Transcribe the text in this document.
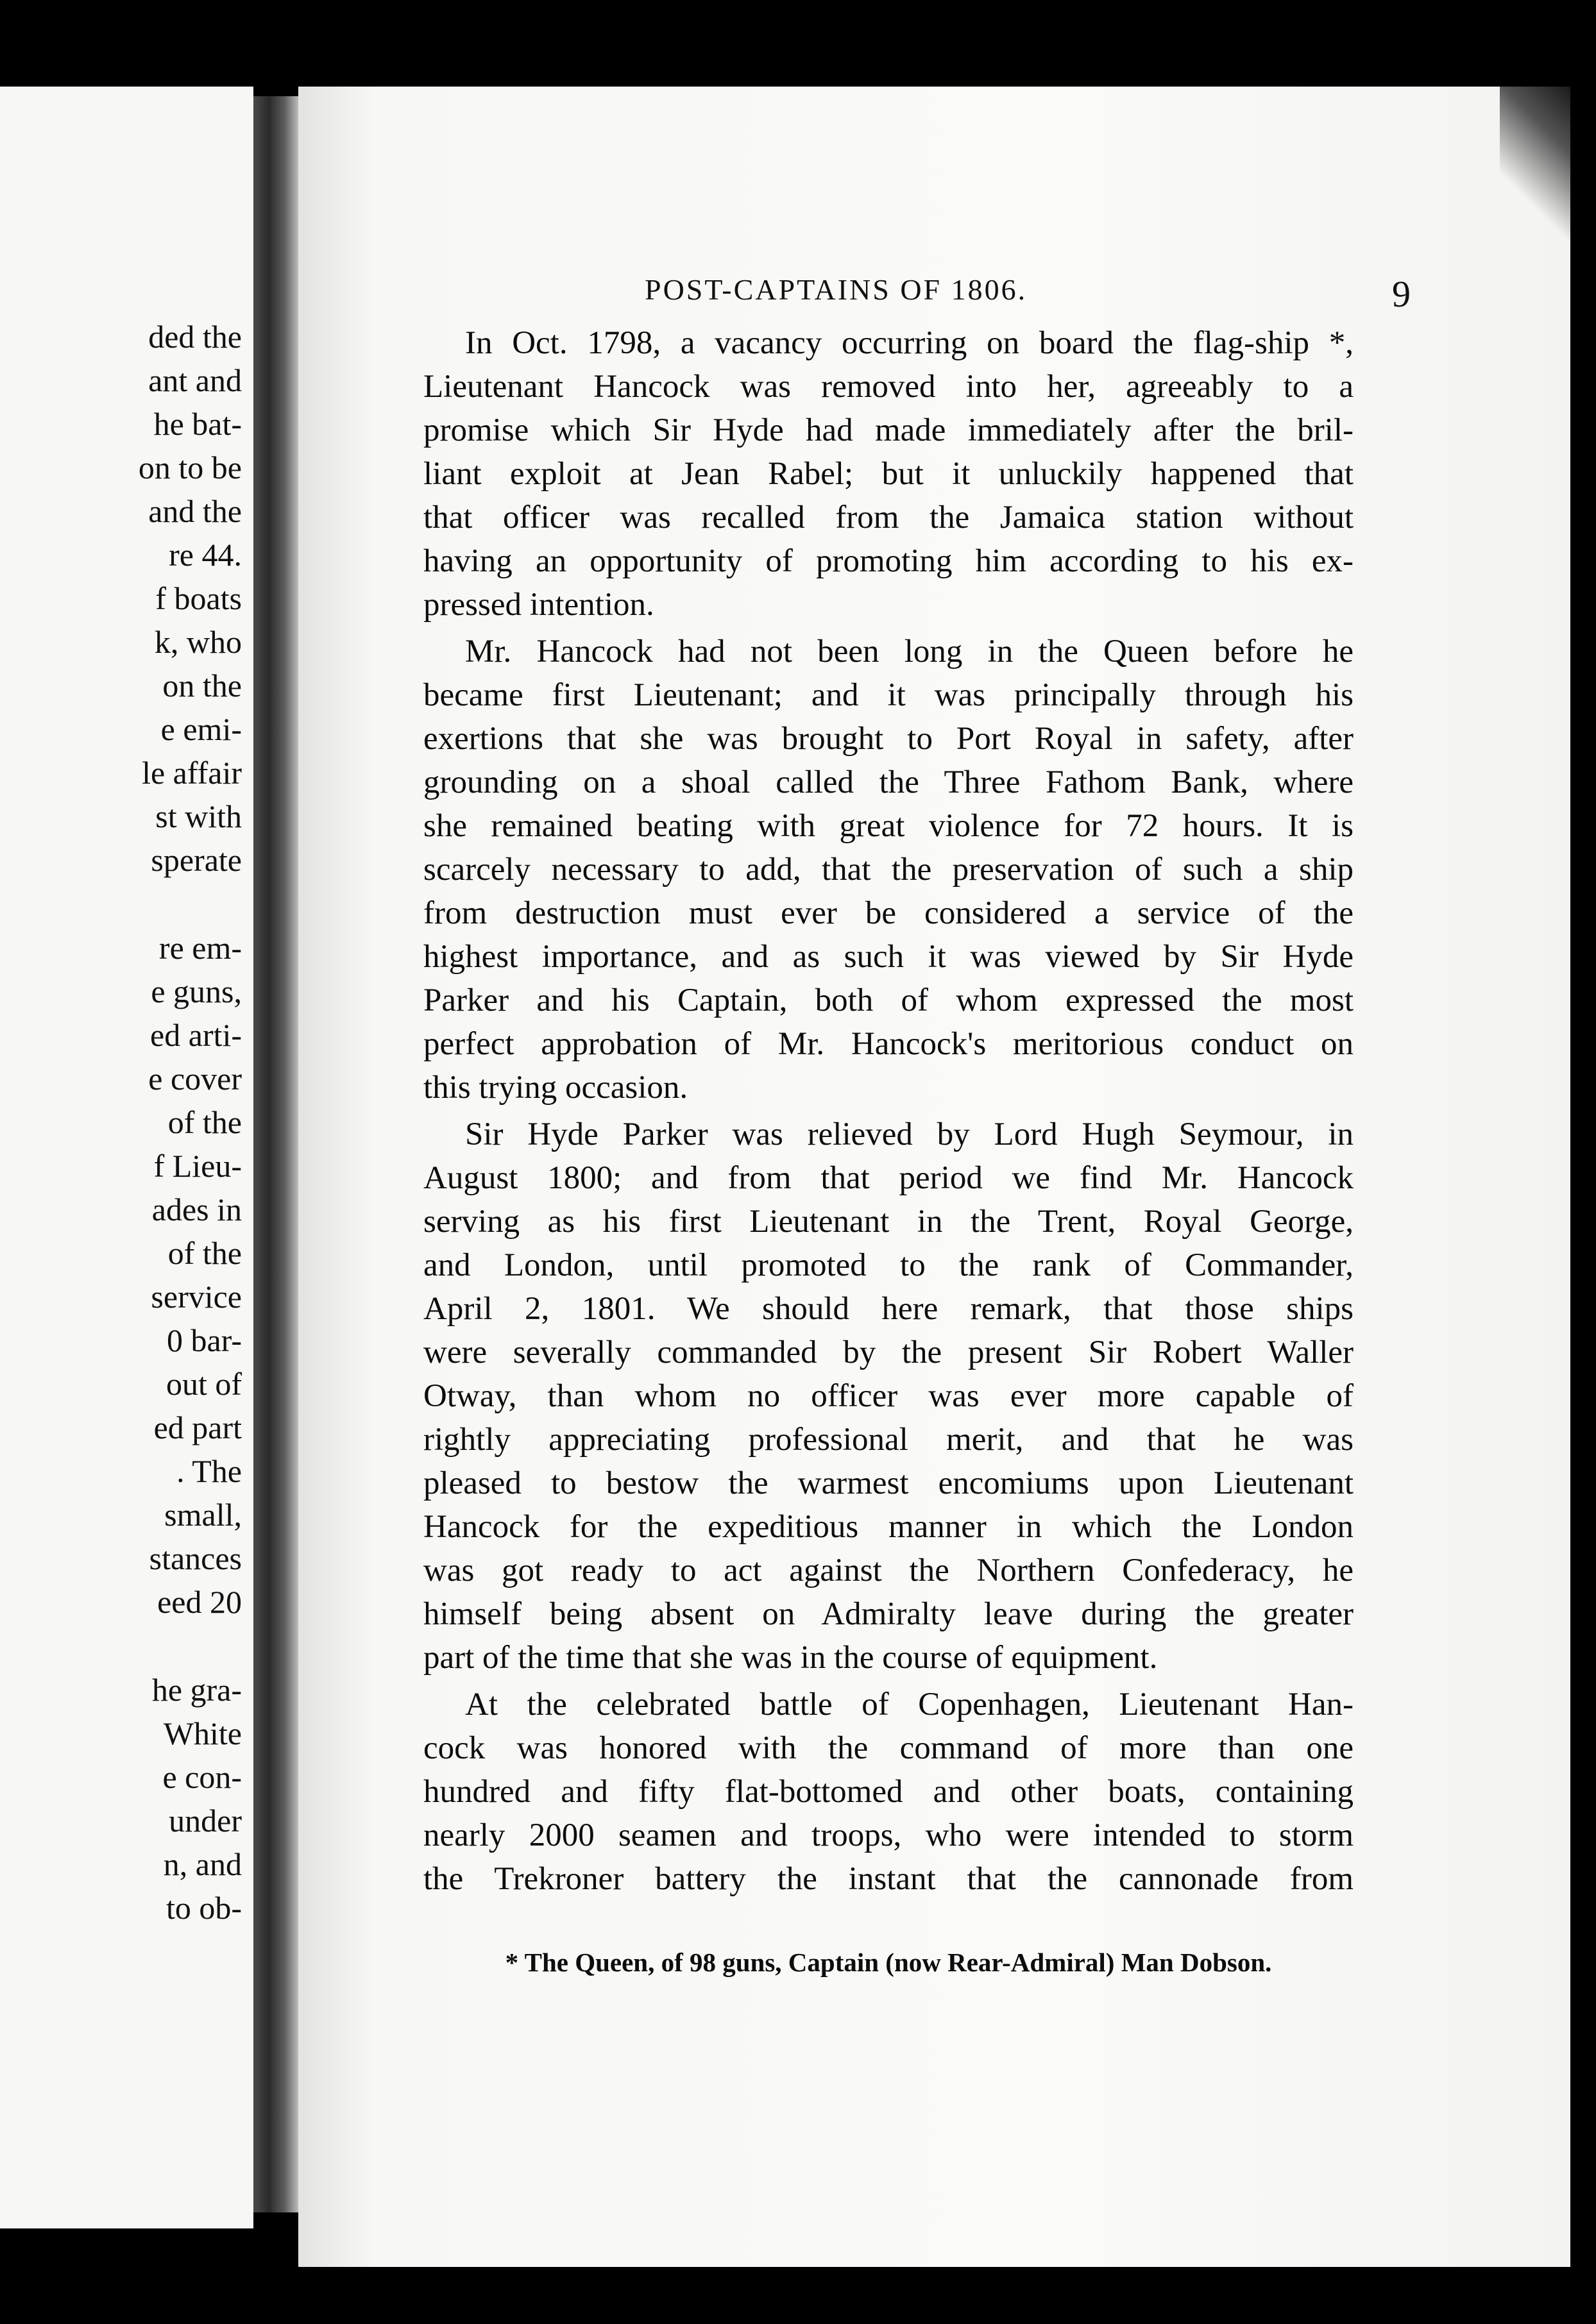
ded the
ant and
he bat-
on to be
and the
re 44.
f boats
k, who
on the
e emi-
le affair
st with
sperate
re em-
e guns,
ed arti-
e cover
of the
f Lieu-
ades in
of the
service
0 bar-
out of
ed part
. The
small,
stances
eed 20
he gra-
White
e con-
under
n, and
to ob-
POST-CAPTAINS OF 1806.	9
In Oct. 1798, a vacancy occurring on board the flag-ship *,
Lieutenant Hancock was removed into her, agreeably to a
promise which Sir Hyde had made immediately after the bril-
liant exploit at Jean Rabel; but it unluckily happened that
that officer was recalled from the Jamaica station without
having an opportunity of promoting him according to his ex-
pressed intention.
Mr. Hancock had not been long in the Queen before he
became first Lieutenant; and it was principally through his
exertions that she was brought to Port Royal in safety, after
grounding on a shoal called the Three Fathom Bank, where
she remained beating with great violence for 72 hours. It is
scarcely necessary to add, that the preservation of such a ship
from destruction must ever be considered a service of the
highest importance, and as such it was viewed by Sir Hyde
Parker and his Captain, both of whom expressed the most
perfect approbation of Mr. Hancock's meritorious conduct on
this trying occasion.
Sir Hyde Parker was relieved by Lord Hugh Seymour, in
August 1800; and from that period we find Mr. Hancock
serving as his first Lieutenant in the Trent, Royal George,
and London, until promoted to the rank of Commander,
April 2, 1801. We should here remark, that those ships
were severally commanded by the present Sir Robert Waller
Otway, than whom no officer was ever more capable of
rightly appreciating professional merit, and that he was
pleased to bestow the warmest encomiums upon Lieutenant
Hancock for the expeditious manner in which the London
was got ready to act against the Northern Confederacy, he
himself being absent on Admiralty leave during the greater
part of the time that she was in the course of equipment.
At the celebrated battle of Copenhagen, Lieutenant Han-
cock was honored with the command of more than one
hundred and fifty flat-bottomed and other boats, containing
nearly 2000 seamen and troops, who were intended to storm
the Trekroner battery the instant that the cannonade from
* The Queen, of 98 guns, Captain (now Rear-Admiral) Man Dobson.
